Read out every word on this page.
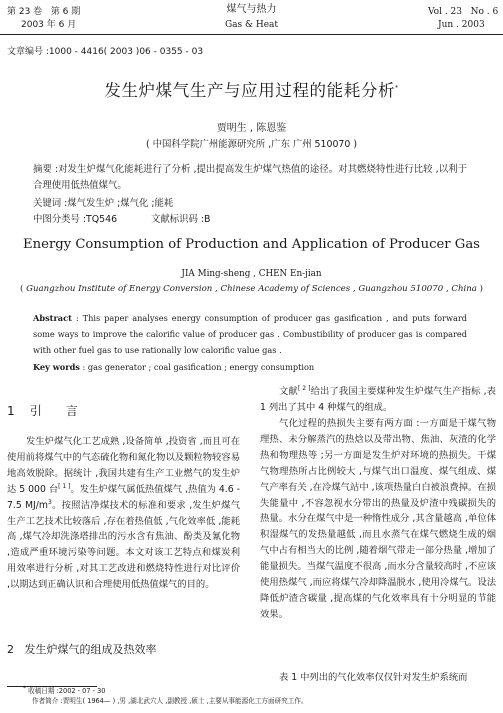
第 23 卷 第 6 期
2003 年 6 月
煤气与热力
Gas & Heat
Vol . 23 No . 6
Jun . 2003
文章编号 :1000 - 4416( 2003 )06 - 0355 - 03
发生炉煤气生产与应用过程的能耗分析*
贾明生 , 陈恩鉴
( 中国科学院广州能源研究所 ,广东 广州 510070 )
摘要 :对发生炉煤气化能耗进行了分析 ,提出提高发生炉煤气热值的途径。对其燃烧特性进行比较 ,以利于合理使用低热值煤气。
关键词 :煤气发生炉 ;煤气化 ;能耗
中图分类号 :TQ546	文献标识码 :B
Energy Consumption of Production and Application of Producer Gas
JIA Ming-sheng , CHEN En-jian
( Guangzhou Institute of Energy Conversion , Chinese Academy of Sciences , Guangzhou 510070 , China )
Abstract : This paper analyses energy consumption of producer gas gasification , and puts forward some ways to improve the calorific value of producer gas . Combustibility of producer gas is compared with other fuel gas to use rationally low calorific value gas .
Key words : gas generator ; coal gasification ; energy consumption
1 引　　言
发生炉煤气化工艺成熟 ,设备简单 ,投资省 ,而且可在使用前将煤气中的气态硫化物和氮化物以及颗粒物较容易地高效脱除。据统计 ,我国共建有生产工业燃气的发生炉达 5 000 台[ 1 ]。发生炉煤气属低热值煤气 ,热值为 4.6 - 7.5 $MJ/m^3$。按照洁净煤技术的标准和要求 ,发生炉煤气生产工艺技术比较落后 ,存在着热值低 ,气化效率低 ,能耗高 ,煤气冷却洗涤塔排出的污水含有焦油、酚类及氰化物 ,造成严重环境污染等问题。本文对该工艺特点和煤炭利用效率进行分析 ,对其工艺改进和燃烧特性进行对比评价 ,以期达到正确认识和合理使用低热值煤气的目的。
2 发生炉煤气的组成及热效率
文献[ 2 ]给出了我国主要煤种发生炉煤气生产指标 ,表 1 列出了其中 4 种煤气的组成。
气化过程的热损失主要有两方面 :一方面是干煤气物理热、未分解蒸汽的热焓以及带出物、焦油、灰渣的化学热和物理热等 ;另一方面是发生炉对环境的热损失。干煤气物理热所占比例较大 ,与煤气出口温度、煤气组成、煤气产率有关 ,在冷煤气站中 ,该项热量白白被浪费掉。在损失能量中 ,不容忽视水分带出的热量及炉渣中残碳损失的热量。水分在煤气中是一种惰性成分 ,其含量越高 ,单位体积湿煤气的发热量越低 ,而且水蒸气在煤气燃烧生成的烟气中占有相当大的比例 ,随着烟气带走一部分热量 ,增加了能量损失。当煤气温度不很高 ,而水分含量较高时 ,不应该使用热煤气 ,而应将煤气冷却降温脱水 ,使用冷煤气。设法降低炉渣含碳量 ,提高煤的气化效率具有十分明显的节能效果。
表 1 中列出的气化效率仅仅针对发生炉系统而
* 收稿日期 :2002 - 07 - 30
作者简介 :贾明生( 1964— ) ,男 ,湖北武穴人 ,副教授 ,硕士 ,主要从事能源化工方面研究工作。
